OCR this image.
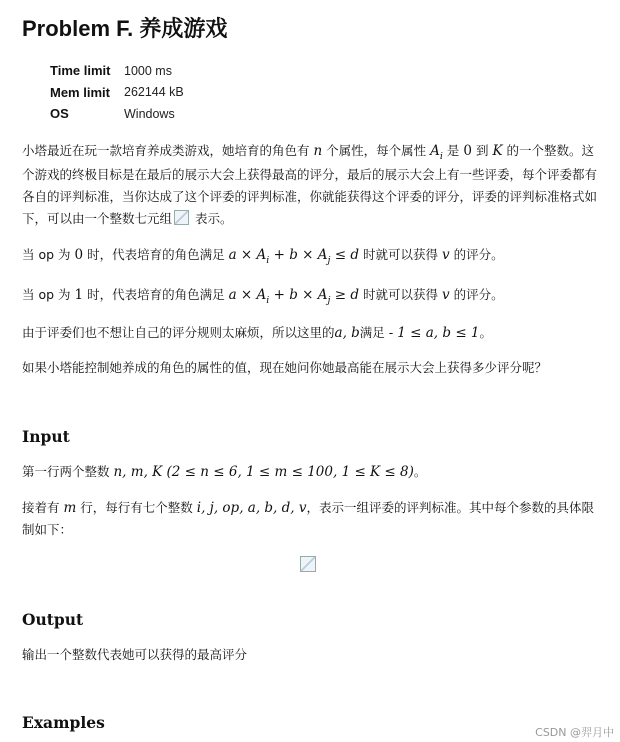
Problem F. 养成游戏
Time limit	1000 ms
Mem limit	262144 kB
OS	Windows
小塔最近在玩一款培育养成类游戏，她培育的角色有 n 个属性，每个属性 $A_i$ 是 0 到 K 的一个整数。这个游戏的终极目标是在最后的展示大会上获得最高的评分，最后的展示大会上有一些评委，每个评委都有各自的评判标准，当你达成了这个评委的评判标准，你就能获得这个评委的评分，评委的评判标准格式如下，可以由一个整数七元组 表示。
当 op 为 0 时，代表培育的角色满足 $a \times A_i + b \times A_j \le d$ 时就可以获得 v 的评分。
当 op 为 1 时，代表培育的角色满足 $a \times A_i + b \times A_j \ge d$ 时就可以获得 v 的评分。
由于评委们也不想让自己的评分规则太麻烦，所以这里的a, b满足 - 1 ≤ a, b ≤ 1。
如果小塔能控制她养成的角色的属性的值，现在她问你她最高能在展示大会上获得多少评分呢？
Input
第一行两个整数 n, m, K (2 ≤ n ≤ 6, 1 ≤ m ≤ 100, 1 ≤ K ≤ 8)。
接着有 m 行，每行有七个整数 i, j, op, a, b, d, v，表示一组评委的评判标准。其中每个参数的具体限制如下：
Output
输出一个整数代表她可以获得的最高评分
Examples
CSDN @羿月中
